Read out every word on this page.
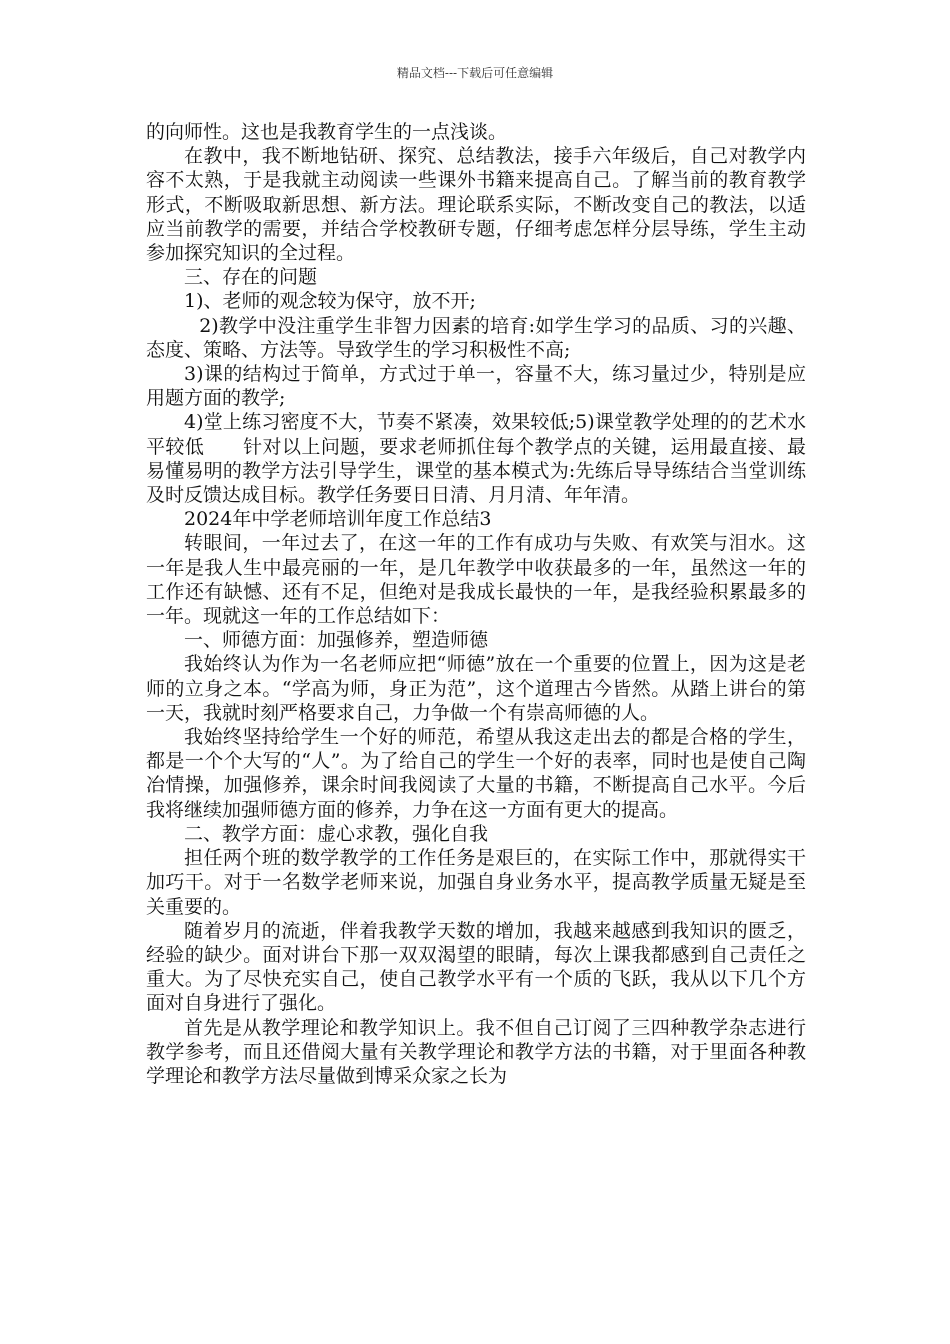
精品文档---下载后可任意编辑

的向师性。这也是我教育学生的一点浅谈。

在教中，我不断地钻研、探究、总结教法，接手六年级后，自己对教学内容不太熟，于是我就主动阅读一些课外书籍来提高自己。了解当前的教育教学形式，不断吸取新思想、新方法。理论联系实际，不断改变自己的教法，以适应当前教学的需要，并结合学校教研专题，仔细考虑怎样分层导练，学生主动参加探究知识的全过程。

三、存在的问题

1)、老师的观念较为保守，放不开;

2)教学中没注重学生非智力因素的培育:如学生学习的品质、习的兴趣、态度、策略、方法等。导致学生的学习积极性不高;

3)课的结构过于简单，方式过于单一，容量不大，练习量过少，特别是应用题方面的教学;

4)堂上练习密度不大，节奏不紧凑，效果较低;5)课堂教学处理的的艺术水平较低　　针对以上问题，要求老师抓住每个教学点的关键，运用最直接、最易懂易明的教学方法引导学生，课堂的基本模式为:先练后导导练结合当堂训练及时反馈达成目标。教学任务要日日清、月月清、年年清。

2024年中学老师培训年度工作总结3

转眼间，一年过去了，在这一年的工作有成功与失败、有欢笑与泪水。这一年是我人生中最亮丽的一年，是几年教学中收获最多的一年，虽然这一年的工作还有缺憾、还有不足，但绝对是我成长最快的一年，是我经验积累最多的一年。现就这一年的工作总结如下：

一、师德方面：加强修养，塑造师德

我始终认为作为一名老师应把“师德”放在一个重要的位置上，因为这是老师的立身之本。“学高为师，身正为范”，这个道理古今皆然。从踏上讲台的第一天，我就时刻严格要求自己，力争做一个有崇高师德的人。

我始终坚持给学生一个好的师范，希望从我这走出去的都是合格的学生，都是一个个大写的“人”。为了给自己的学生一个好的表率，同时也是使自己陶冶情操，加强修养，课余时间我阅读了大量的书籍，不断提高自己水平。今后我将继续加强师德方面的修养，力争在这一方面有更大的提高。

二、教学方面：虚心求教，强化自我

担任两个班的数学教学的工作任务是艰巨的，在实际工作中，那就得实干加巧干。对于一名数学老师来说，加强自身业务水平，提高教学质量无疑是至关重要的。

随着岁月的流逝，伴着我教学天数的增加，我越来越感到我知识的匮乏，经验的缺少。面对讲台下那一双双渴望的眼睛，每次上课我都感到自己责任之重大。为了尽快充实自己，使自己教学水平有一个质的飞跃，我从以下几个方面对自身进行了强化。

首先是从教学理论和教学知识上。我不但自己订阅了三四种教学杂志进行教学参考，而且还借阅大量有关教学理论和教学方法的书籍，对于里面各种教学理论和教学方法尽量做到博采众家之长为
